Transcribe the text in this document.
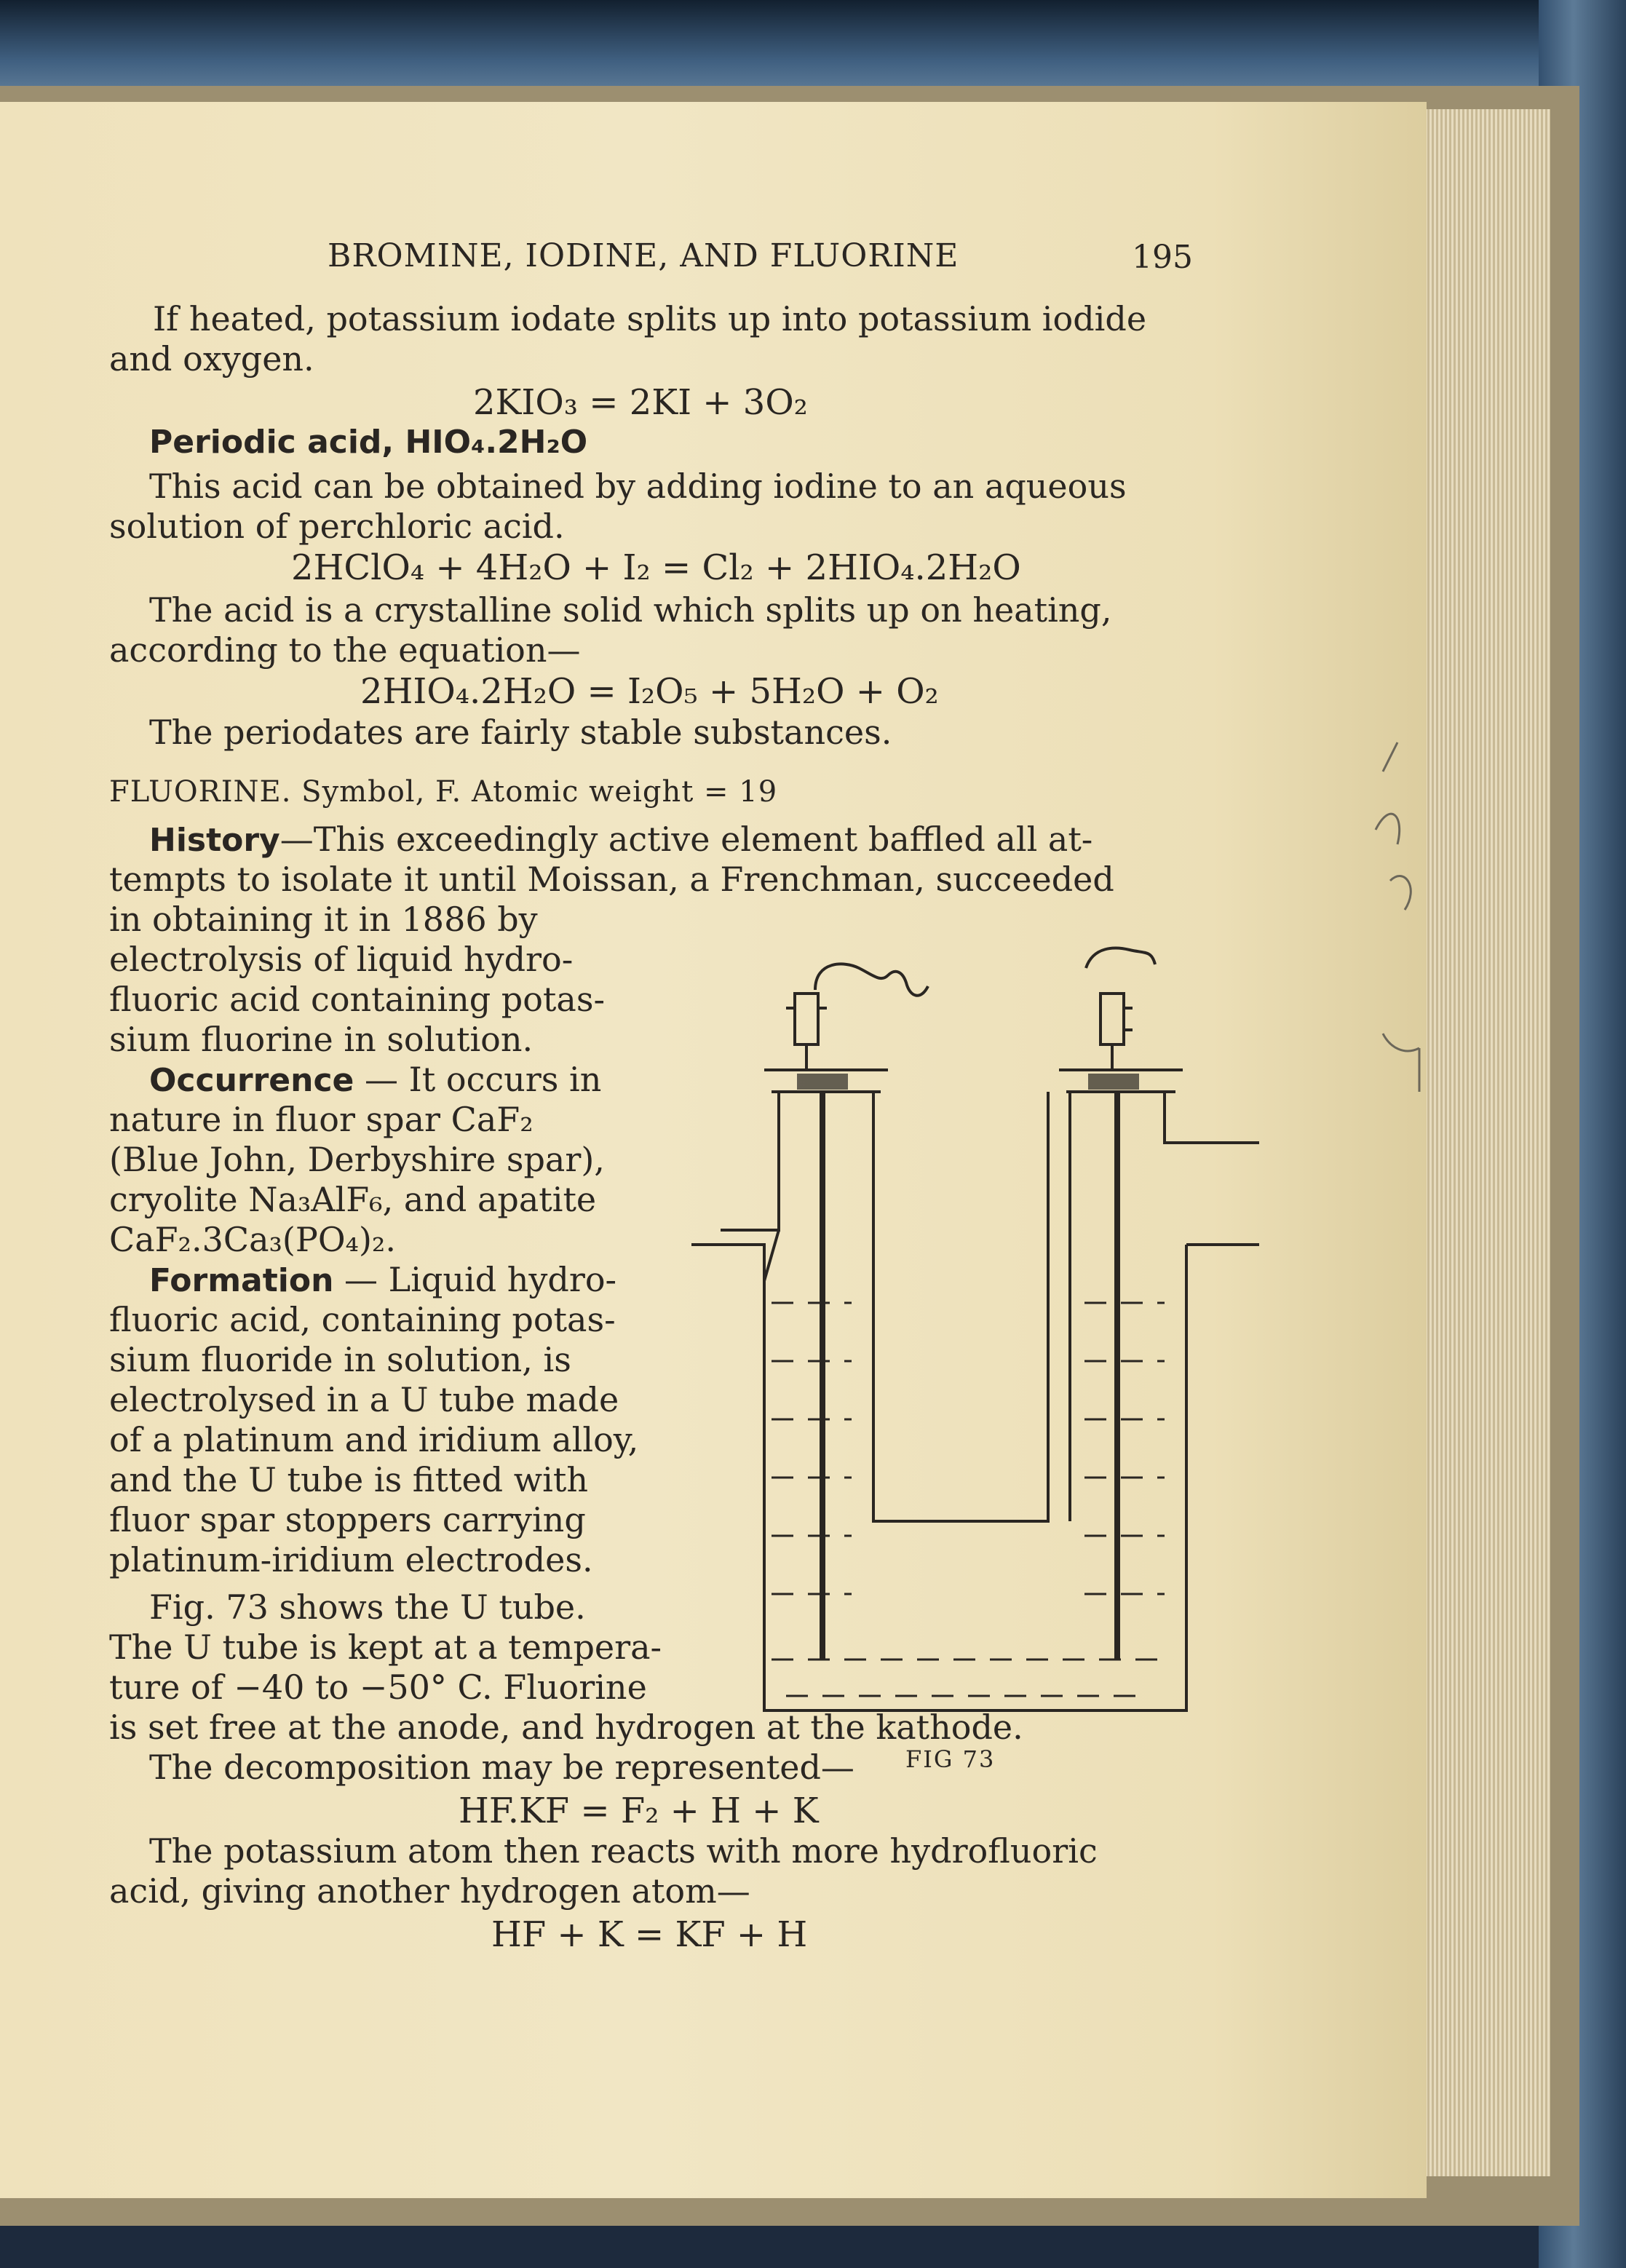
BROMINE, IODINE, AND FLUORINE	195
If heated, potassium iodate splits up into potassium iodide
and oxygen.
2KIO₃ = 2KI + 3O₂
Periodic acid, HIO₄.2H₂O
This acid can be obtained by adding iodine to an aqueous
solution of perchloric acid.
2HClO₄ + 4H₂O + I₂ = Cl₂ + 2HIO₄.2H₂O
The acid is a crystalline solid which splits up on heating,
according to the equation—
2HIO₄.2H₂O = I₂O₅ + 5H₂O + O₂
The periodates are fairly stable substances.
FLUORINE. Symbol, F. Atomic weight = 19
History—This exceedingly active element baffled all at-
tempts to isolate it until Moissan, a Frenchman, succeeded
in obtaining it in 1886 by
electrolysis of liquid hydro-
fluoric acid containing potas-
sium fluorine in solution.
Occurrence — It occurs in
nature in fluor spar CaF₂
(Blue John, Derbyshire spar),
cryolite Na₃AlF₆, and apatite
CaF₂.3Ca₃(PO₄)₂.
Formation — Liquid hydro-
fluoric acid, containing potas-
sium fluoride in solution, is
electrolysed in a U tube made
of a platinum and iridium alloy,
and the U tube is fitted with
fluor spar stoppers carrying
platinum-iridium electrodes.
Fig. 73 shows the U tube.
The U tube is kept at a tempera-
ture of −40 to −50° C. Fluorine
is set free at the anode, and hydrogen at the kathode.
The decomposition may be represented—
HF.KF = F₂ + H + K
The potassium atom then reacts with more hydrofluoric
acid, giving another hydrogen atom—
HF + K = KF + H
FIG 73
